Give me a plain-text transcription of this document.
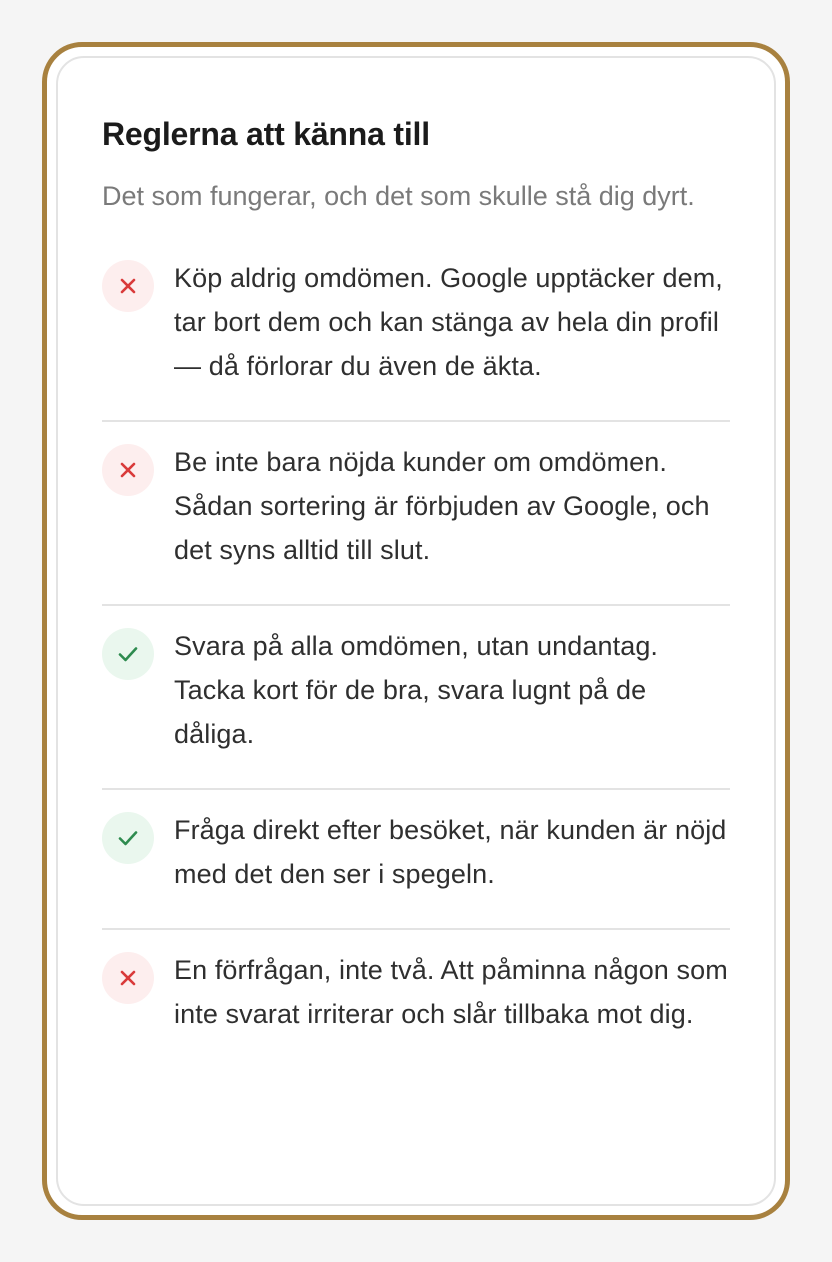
Reglerna att känna till

Det som fungerar, och det som skulle stå dig dyrt.

Köp aldrig omdömen. Google upptäcker dem, tar bort dem och kan stänga av hela din profil — då förlorar du även de äkta.

Be inte bara nöjda kunder om omdömen. Sådan sortering är förbjuden av Google, och det syns alltid till slut.

Svara på alla omdömen, utan undantag. Tacka kort för de bra, svara lugnt på de dåliga.

Fråga direkt efter besöket, när kunden är nöjd med det den ser i spegeln.

En förfrågan, inte två. Att påminna någon som inte svarat irriterar och slår tillbaka mot dig.
